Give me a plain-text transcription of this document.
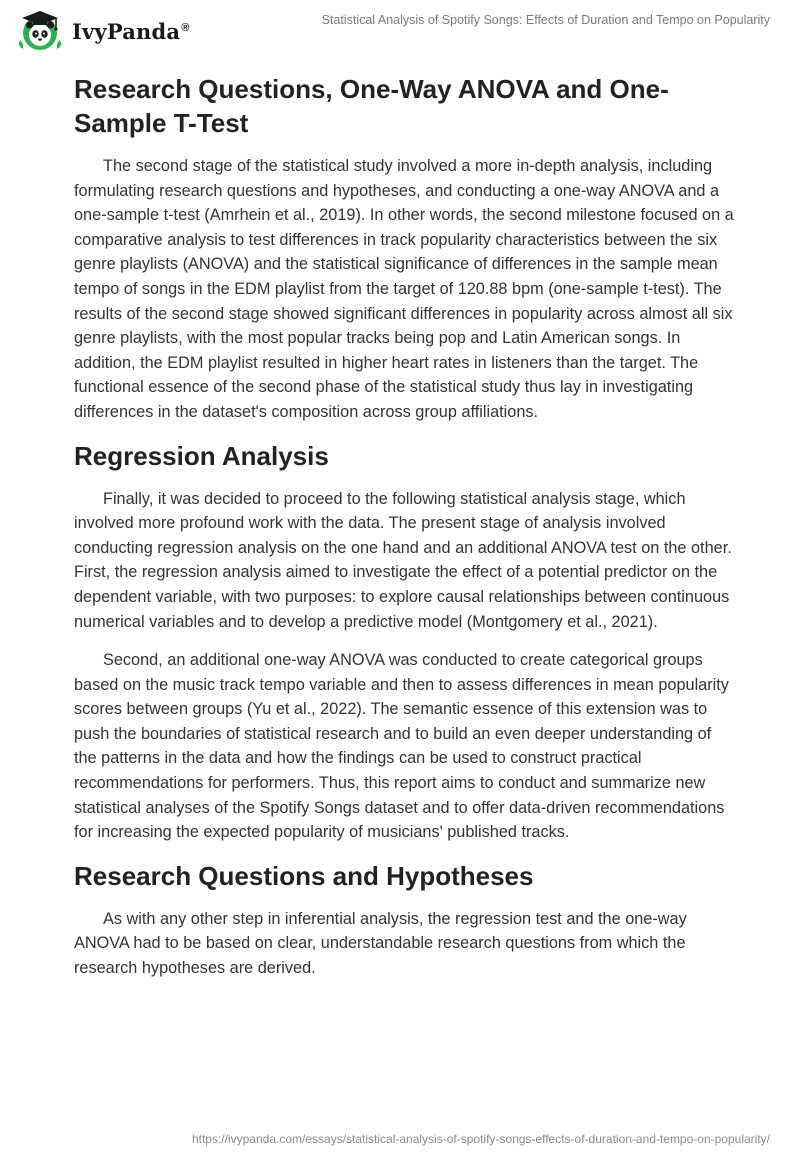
IvyPanda®
Statistical Analysis of Spotify Songs: Effects of Duration and Tempo on Popularity
Research Questions, One-Way ANOVA and One-Sample T-Test

The second stage of the statistical study involved a more in-depth analysis, including formulating research questions and hypotheses, and conducting a one-way ANOVA and a one-sample t-test (Amrhein et al., 2019). In other words, the second milestone focused on a comparative analysis to test differences in track popularity characteristics between the six genre playlists (ANOVA) and the statistical significance of differences in the sample mean tempo of songs in the EDM playlist from the target of 120.88 bpm (one-sample t-test). The results of the second stage showed significant differences in popularity across almost all six genre playlists, with the most popular tracks being pop and Latin American songs. In addition, the EDM playlist resulted in higher heart rates in listeners than the target. The functional essence of the second phase of the statistical study thus lay in investigating differences in the dataset's composition across group affiliations.

Regression Analysis

Finally, it was decided to proceed to the following statistical analysis stage, which involved more profound work with the data. The present stage of analysis involved conducting regression analysis on the one hand and an additional ANOVA test on the other. First, the regression analysis aimed to investigate the effect of a potential predictor on the dependent variable, with two purposes: to explore causal relationships between continuous numerical variables and to develop a predictive model (Montgomery et al., 2021).

Second, an additional one-way ANOVA was conducted to create categorical groups based on the music track tempo variable and then to assess differences in mean popularity scores between groups (Yu et al., 2022). The semantic essence of this extension was to push the boundaries of statistical research and to build an even deeper understanding of the patterns in the data and how the findings can be used to construct practical recommendations for performers. Thus, this report aims to conduct and summarize new statistical analyses of the Spotify Songs dataset and to offer data-driven recommendations for increasing the expected popularity of musicians' published tracks.

Research Questions and Hypotheses

As with any other step in inferential analysis, the regression test and the one-way ANOVA had to be based on clear, understandable research questions from which the research hypotheses are derived.

https://ivypanda.com/essays/statistical-analysis-of-spotify-songs-effects-of-duration-and-tempo-on-popularity/
